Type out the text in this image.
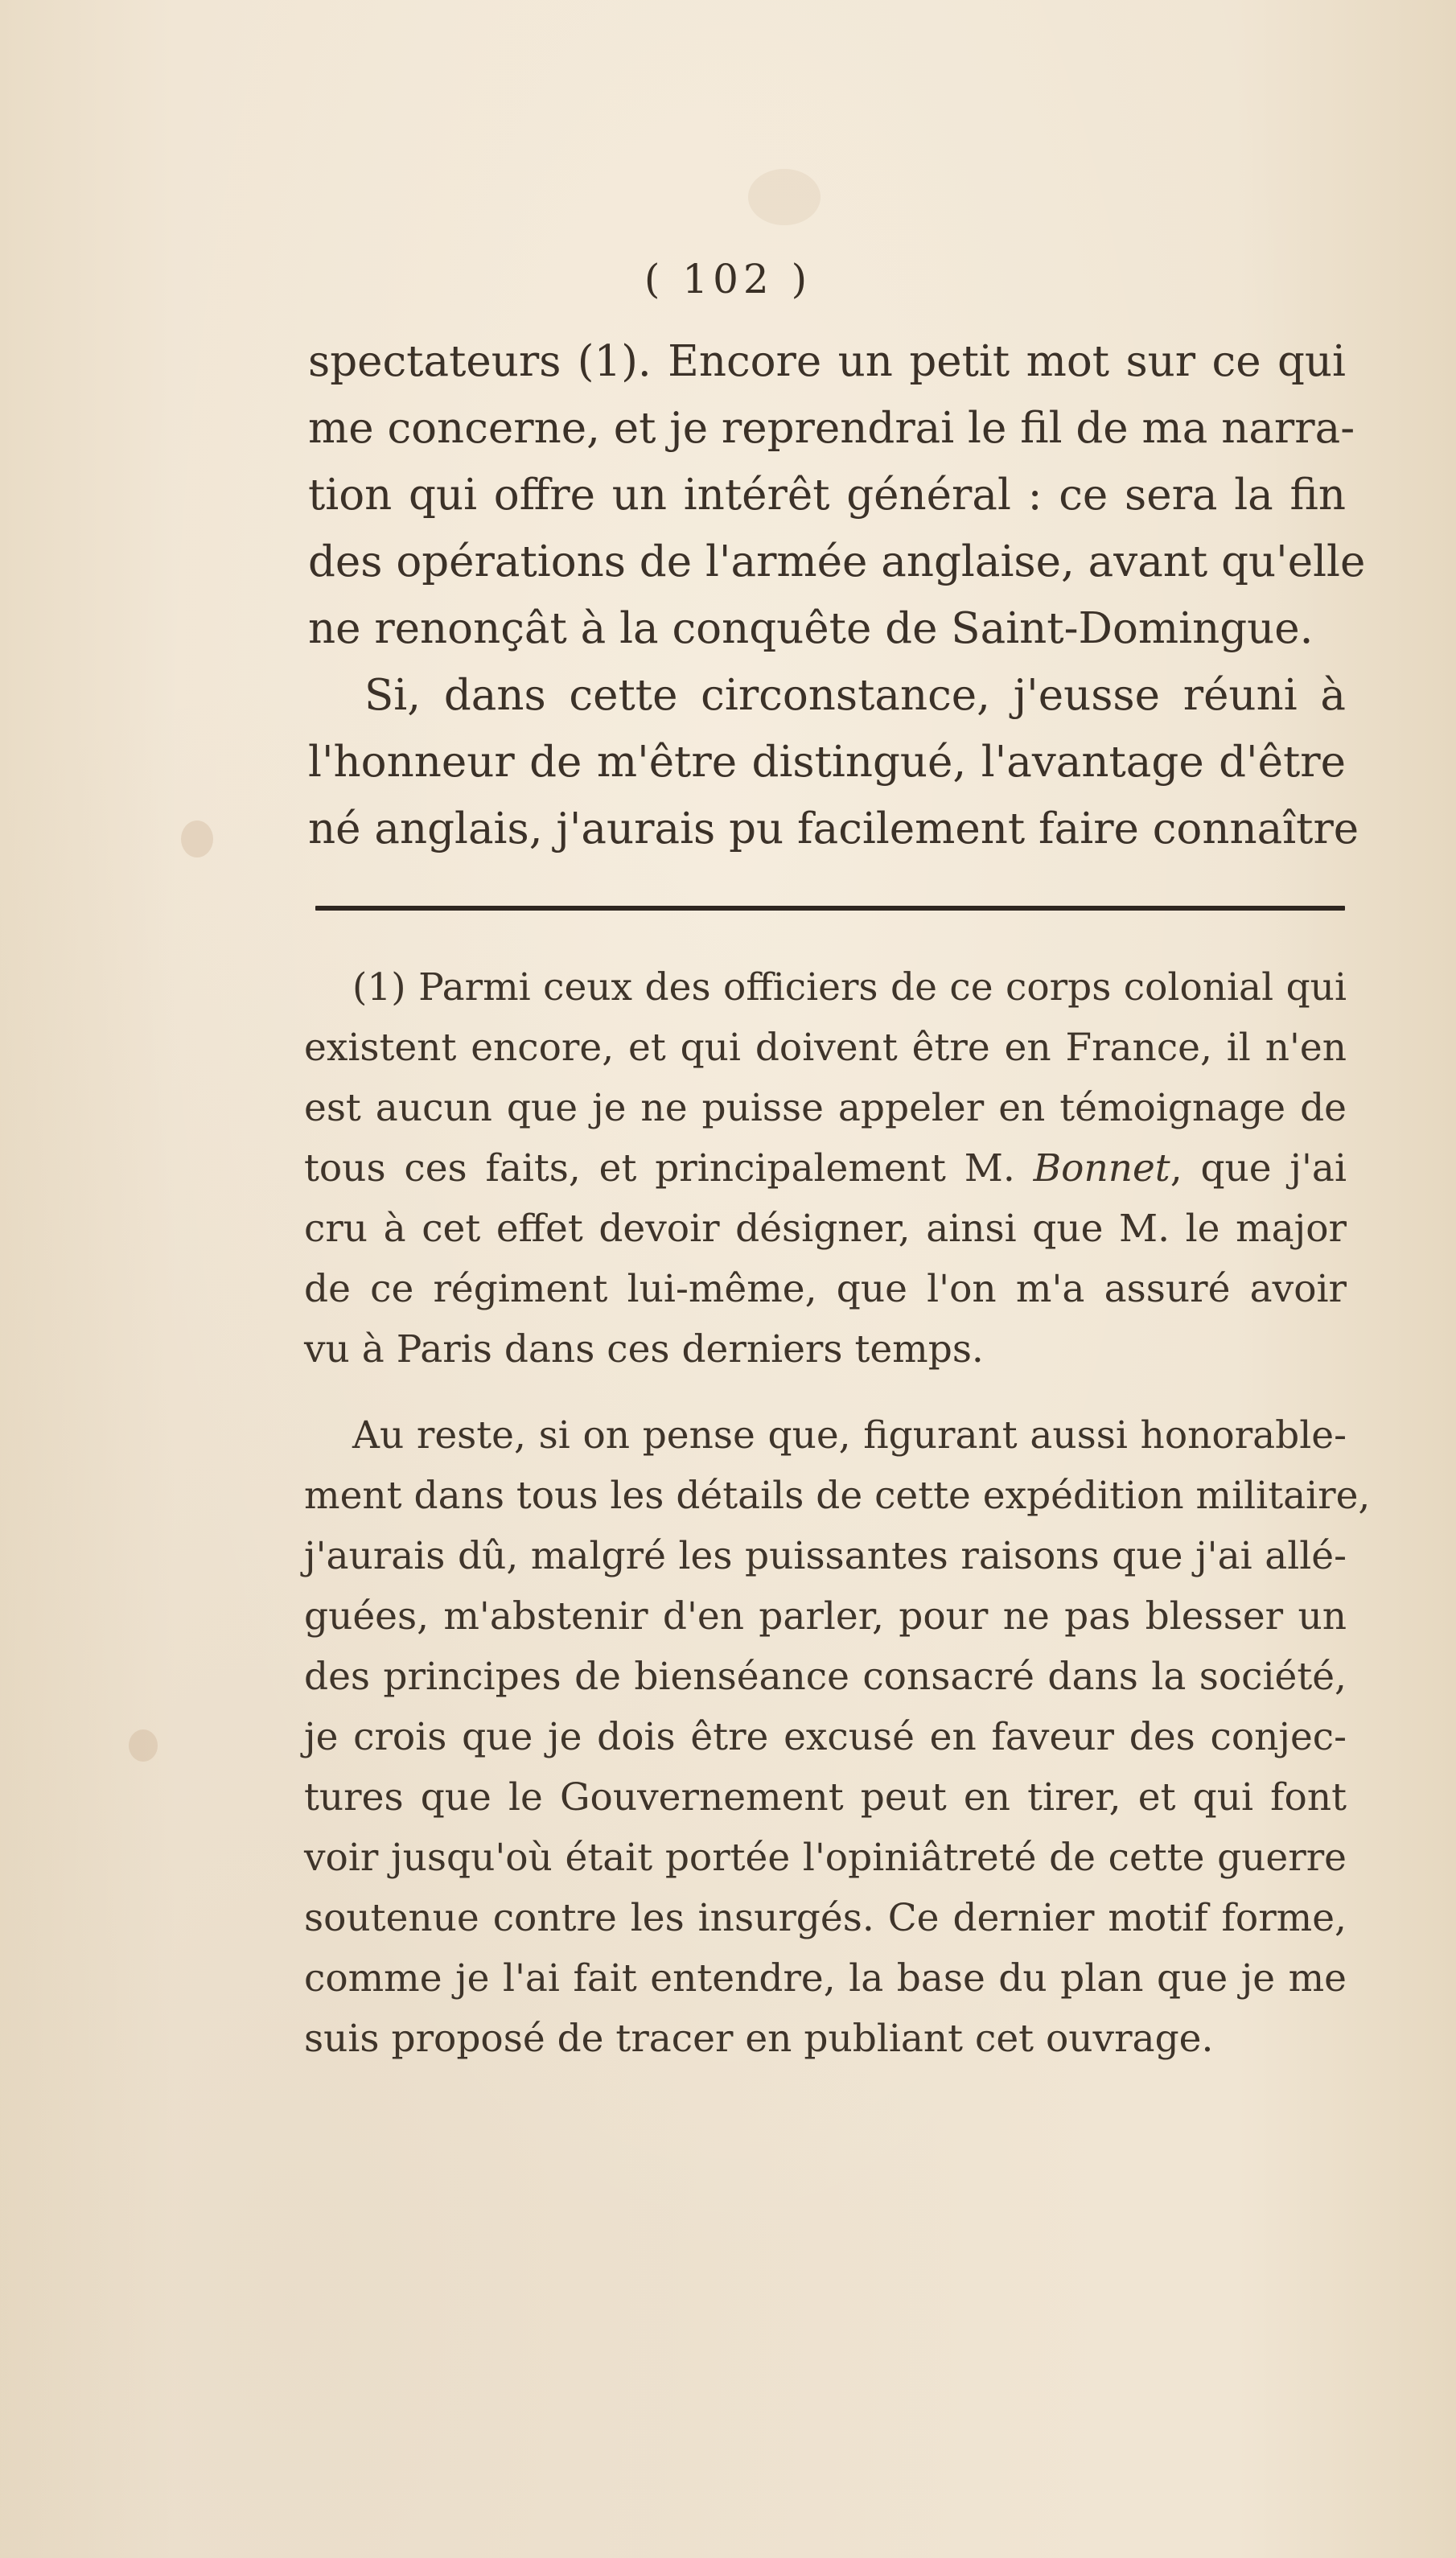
( 102 )
spectateurs (1). Encore un petit mot sur ce qui
me concerne, et je reprendrai le fil de ma narra-
tion qui offre un intérêt général : ce sera la fin
des opérations de l'armée anglaise, avant qu'elle
ne renonçât à la conquête de Saint-Domingue.
Si, dans cette circonstance, j'eusse réuni à
l'honneur de m'être distingué, l'avantage d'être
né anglais, j'aurais pu facilement faire connaître
(1) Parmi ceux des officiers de ce corps colonial qui
existent encore, et qui doivent être en France, il n'en
est aucun que je ne puisse appeler en témoignage de
tous ces faits, et principalement M. Bonnet, que j'ai
cru à cet effet devoir désigner, ainsi que M. le major
de ce régiment lui-même, que l'on m'a assuré avoir
vu à Paris dans ces derniers temps.
Au reste, si on pense que, figurant aussi honorable-
ment dans tous les détails de cette expédition militaire,
j'aurais dû, malgré les puissantes raisons que j'ai allé-
guées, m'abstenir d'en parler, pour ne pas blesser un
des principes de bienséance consacré dans la société,
je crois que je dois être excusé en faveur des conjec-
tures que le Gouvernement peut en tirer, et qui font
voir jusqu'où était portée l'opiniâtreté de cette guerre
soutenue contre les insurgés. Ce dernier motif forme,
comme je l'ai fait entendre, la base du plan que je me
suis proposé de tracer en publiant cet ouvrage.
